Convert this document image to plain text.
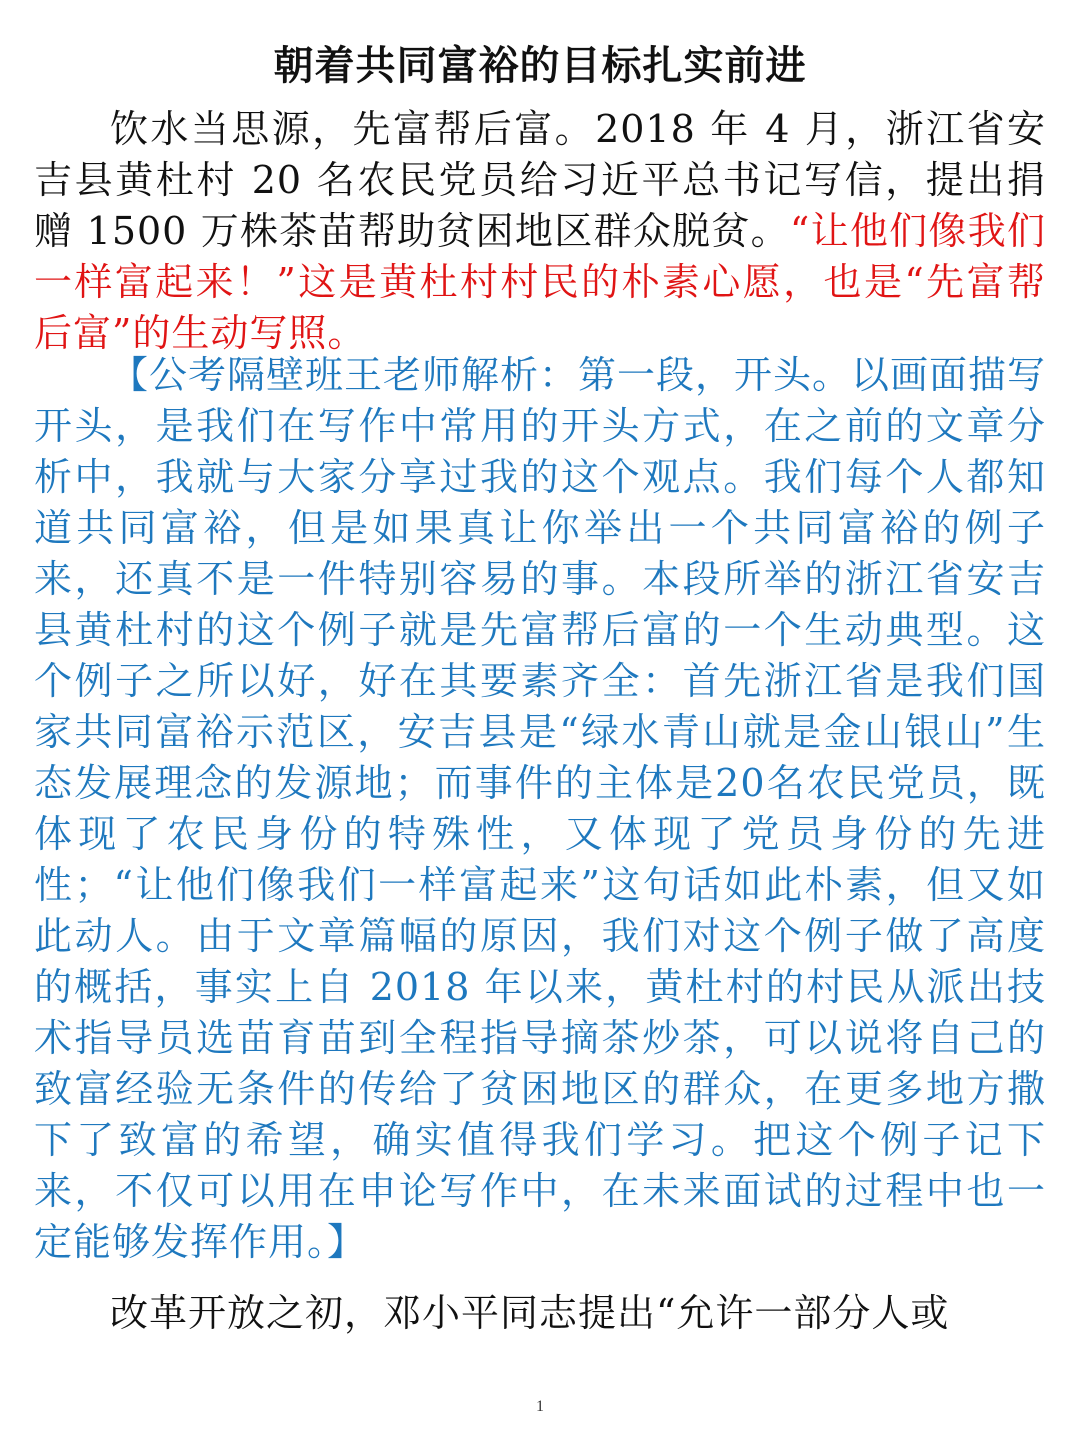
朝着共同富裕的目标扎实前进

饮水当思源，先富帮后富。2018 年 4 月，浙江省安吉县黄杜村 20 名农民党员给习近平总书记写信，提出捐赠 1500 万株茶苗帮助贫困地区群众脱贫。“让他们像我们一样富起来！”这是黄杜村村民的朴素心愿，也是“先富帮后富”的生动写照。

【公考隔壁班王老师解析：第一段，开头。以画面描写开头，是我们在写作中常用的开头方式，在之前的文章分析中，我就与大家分享过我的这个观点。我们每个人都知道共同富裕，但是如果真让你举出一个共同富裕的例子来，还真不是一件特别容易的事。本段所举的浙江省安吉县黄杜村的这个例子就是先富帮后富的一个生动典型。这个例子之所以好，好在其要素齐全：首先浙江省是我们国家共同富裕示范区，安吉县是“绿水青山就是金山银山”生态发展理念的发源地；而事件的主体是20名农民党员，既体现了农民身份的特殊性，又体现了党员身份的先进性；“让他们像我们一样富起来”这句话如此朴素，但又如此动人。由于文章篇幅的原因，我们对这个例子做了高度的概括，事实上自 2018 年以来，黄杜村的村民从派出技术指导员选苗育苗到全程指导摘茶炒茶，可以说将自己的致富经验无条件的传给了贫困地区的群众，在更多地方撒下了致富的希望，确实值得我们学习。把这个例子记下来，不仅可以用在申论写作中，在未来面试的过程中也一定能够发挥作用。】

改革开放之初，邓小平同志提出“允许一部分人或

1
